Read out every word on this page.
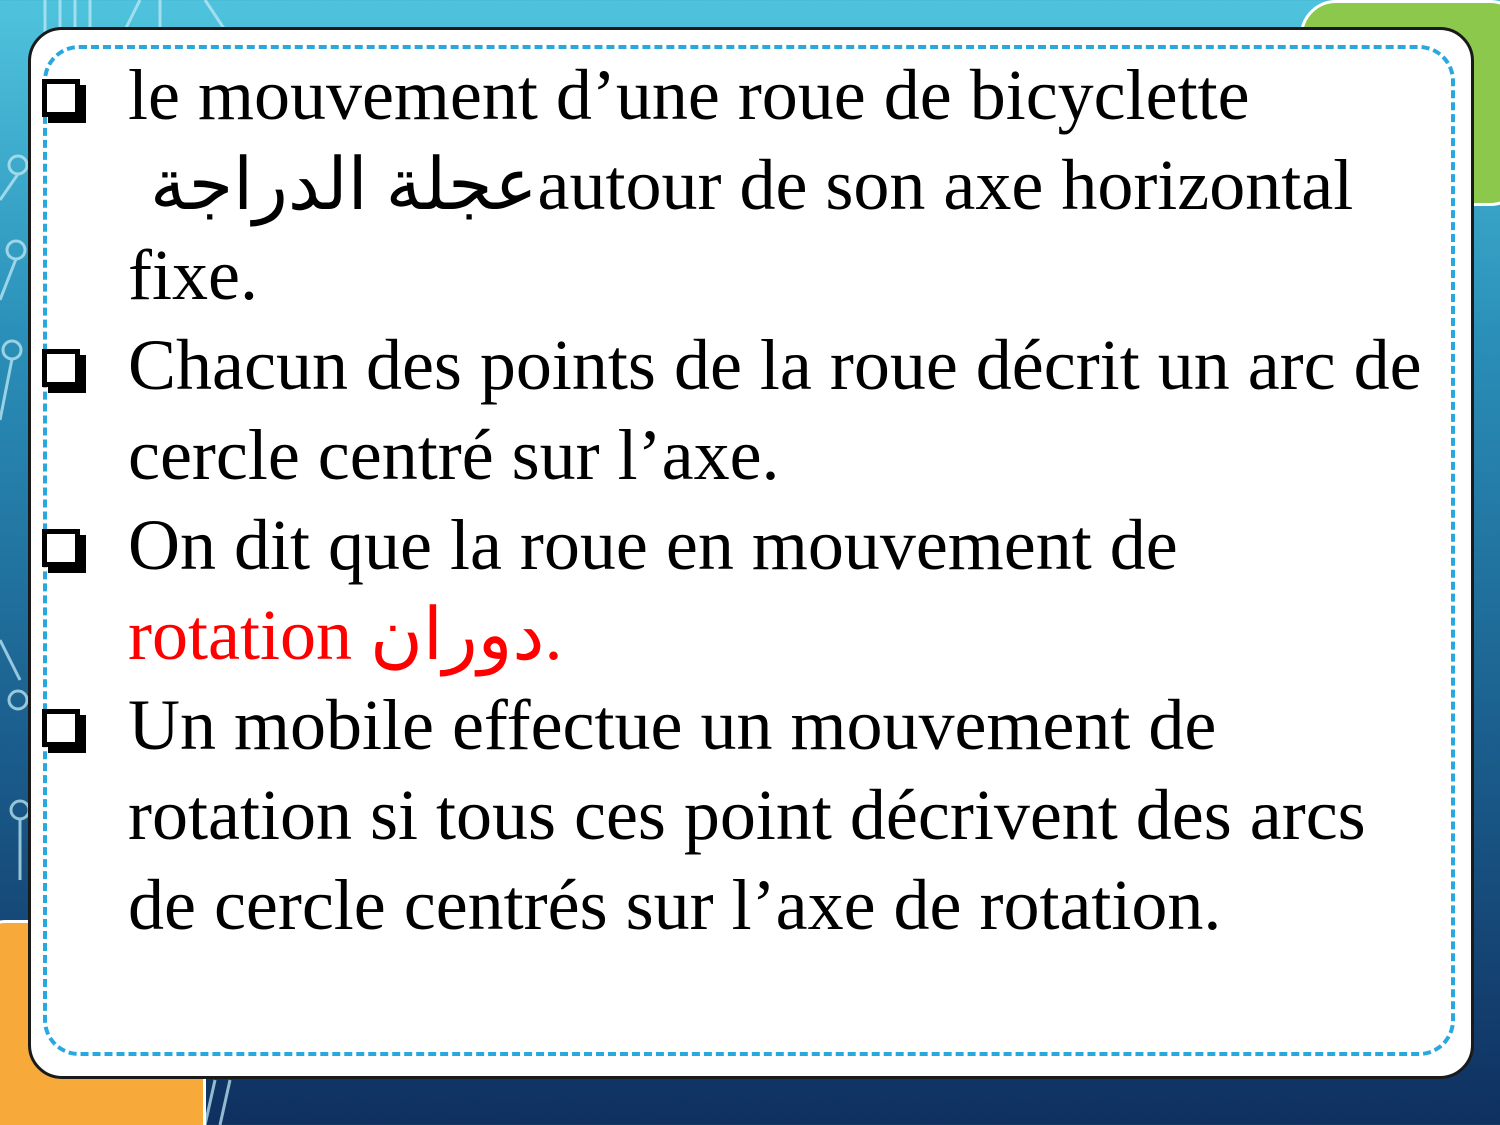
le mouvement d’une roue de bicyclette
عجلة الدراجةautour de son axe horizontal
fixe.

Chacun des points de la roue décrit un arc de cercle centré sur l’axe.

On dit que la roue en mouvement de
rotation دوران.

Un mobile effectue un mouvement de rotation si tous ces point décrivent des arcs de cercle centrés sur l’axe de rotation.
